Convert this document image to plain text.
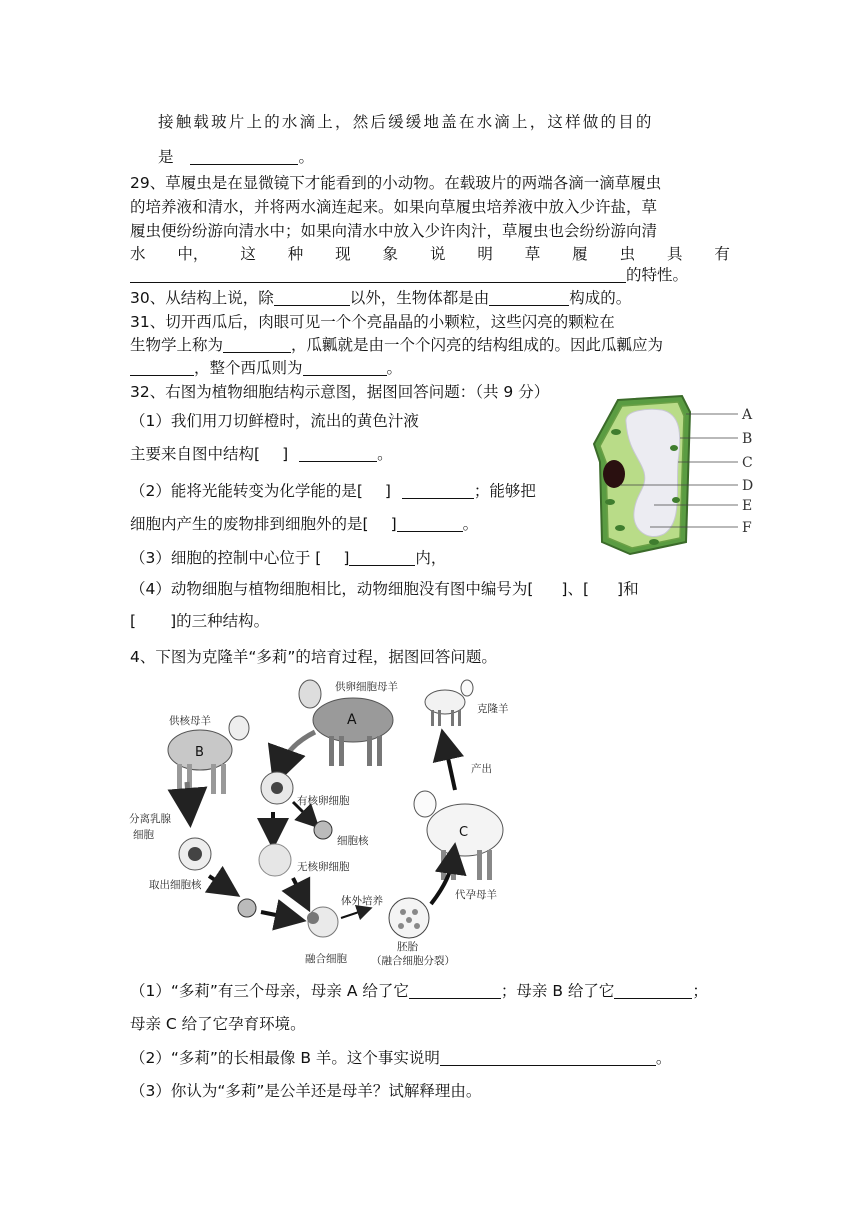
接触载玻片上的水滴上，然后缓缓地盖在水滴上，这样做的目的
是	。
29、草履虫是在显微镜下才能看到的小动物。在载玻片的两端各滴一滴草履虫
的培养液和清水，并将两水滴连起来。如果向草履虫培养液中放入少许盐，草
履虫便纷纷游向清水中；如果向清水中放入少许肉汁，草履虫也会纷纷游向清
水 中， 这 种 现 象 说 明 草 履 虫 具 有
的特性。
30、从结构上说，除	以外，生物体都是由	构成的。
31、切开西瓜后，肉眼可见一个个亮晶晶的小颗粒，这些闪亮的颗粒在
生物学上称为	，瓜瓤就是由一个个闪亮的结构组成的。因此瓜瓤应为
，整个西瓜则为	。
32、右图为植物细胞结构示意图，据图回答问题：（共 9 分）
（1）我们用刀切鲜橙时，流出的黄色汁液
主要来自图中结构[ ]	。
（2）能将光能转变为化学能的是[ ]	；能够把
细胞内产生的废物排到细胞外的是[ ]	。
（3）细胞的控制中心位于 [ ]	内，
（4）动物细胞与植物细胞相比，动物细胞没有图中编号为[ ]、[ ]和
[ ]的三种结构。
A
B
C
D
E
F
4、下图为克隆羊“多莉”的培育过程，据图回答问题。
A
供卵细胞母羊
B
供核母羊
克隆羊
产出
C
代孕母羊
有核卵细胞
细胞核
无核卵细胞
分离乳腺
细胞
取出细胞核
融合细胞
体外培养
胚胎
（融合细胞分裂）
（1）“多莉”有三个母亲，母亲 A 给了它	；母亲 B 给了它	；
母亲 C 给了它孕育环境。
（2）“多莉”的长相最像 B 羊。这个事实说明	。
（3）你认为“多莉”是公羊还是母羊？试解释理由。
